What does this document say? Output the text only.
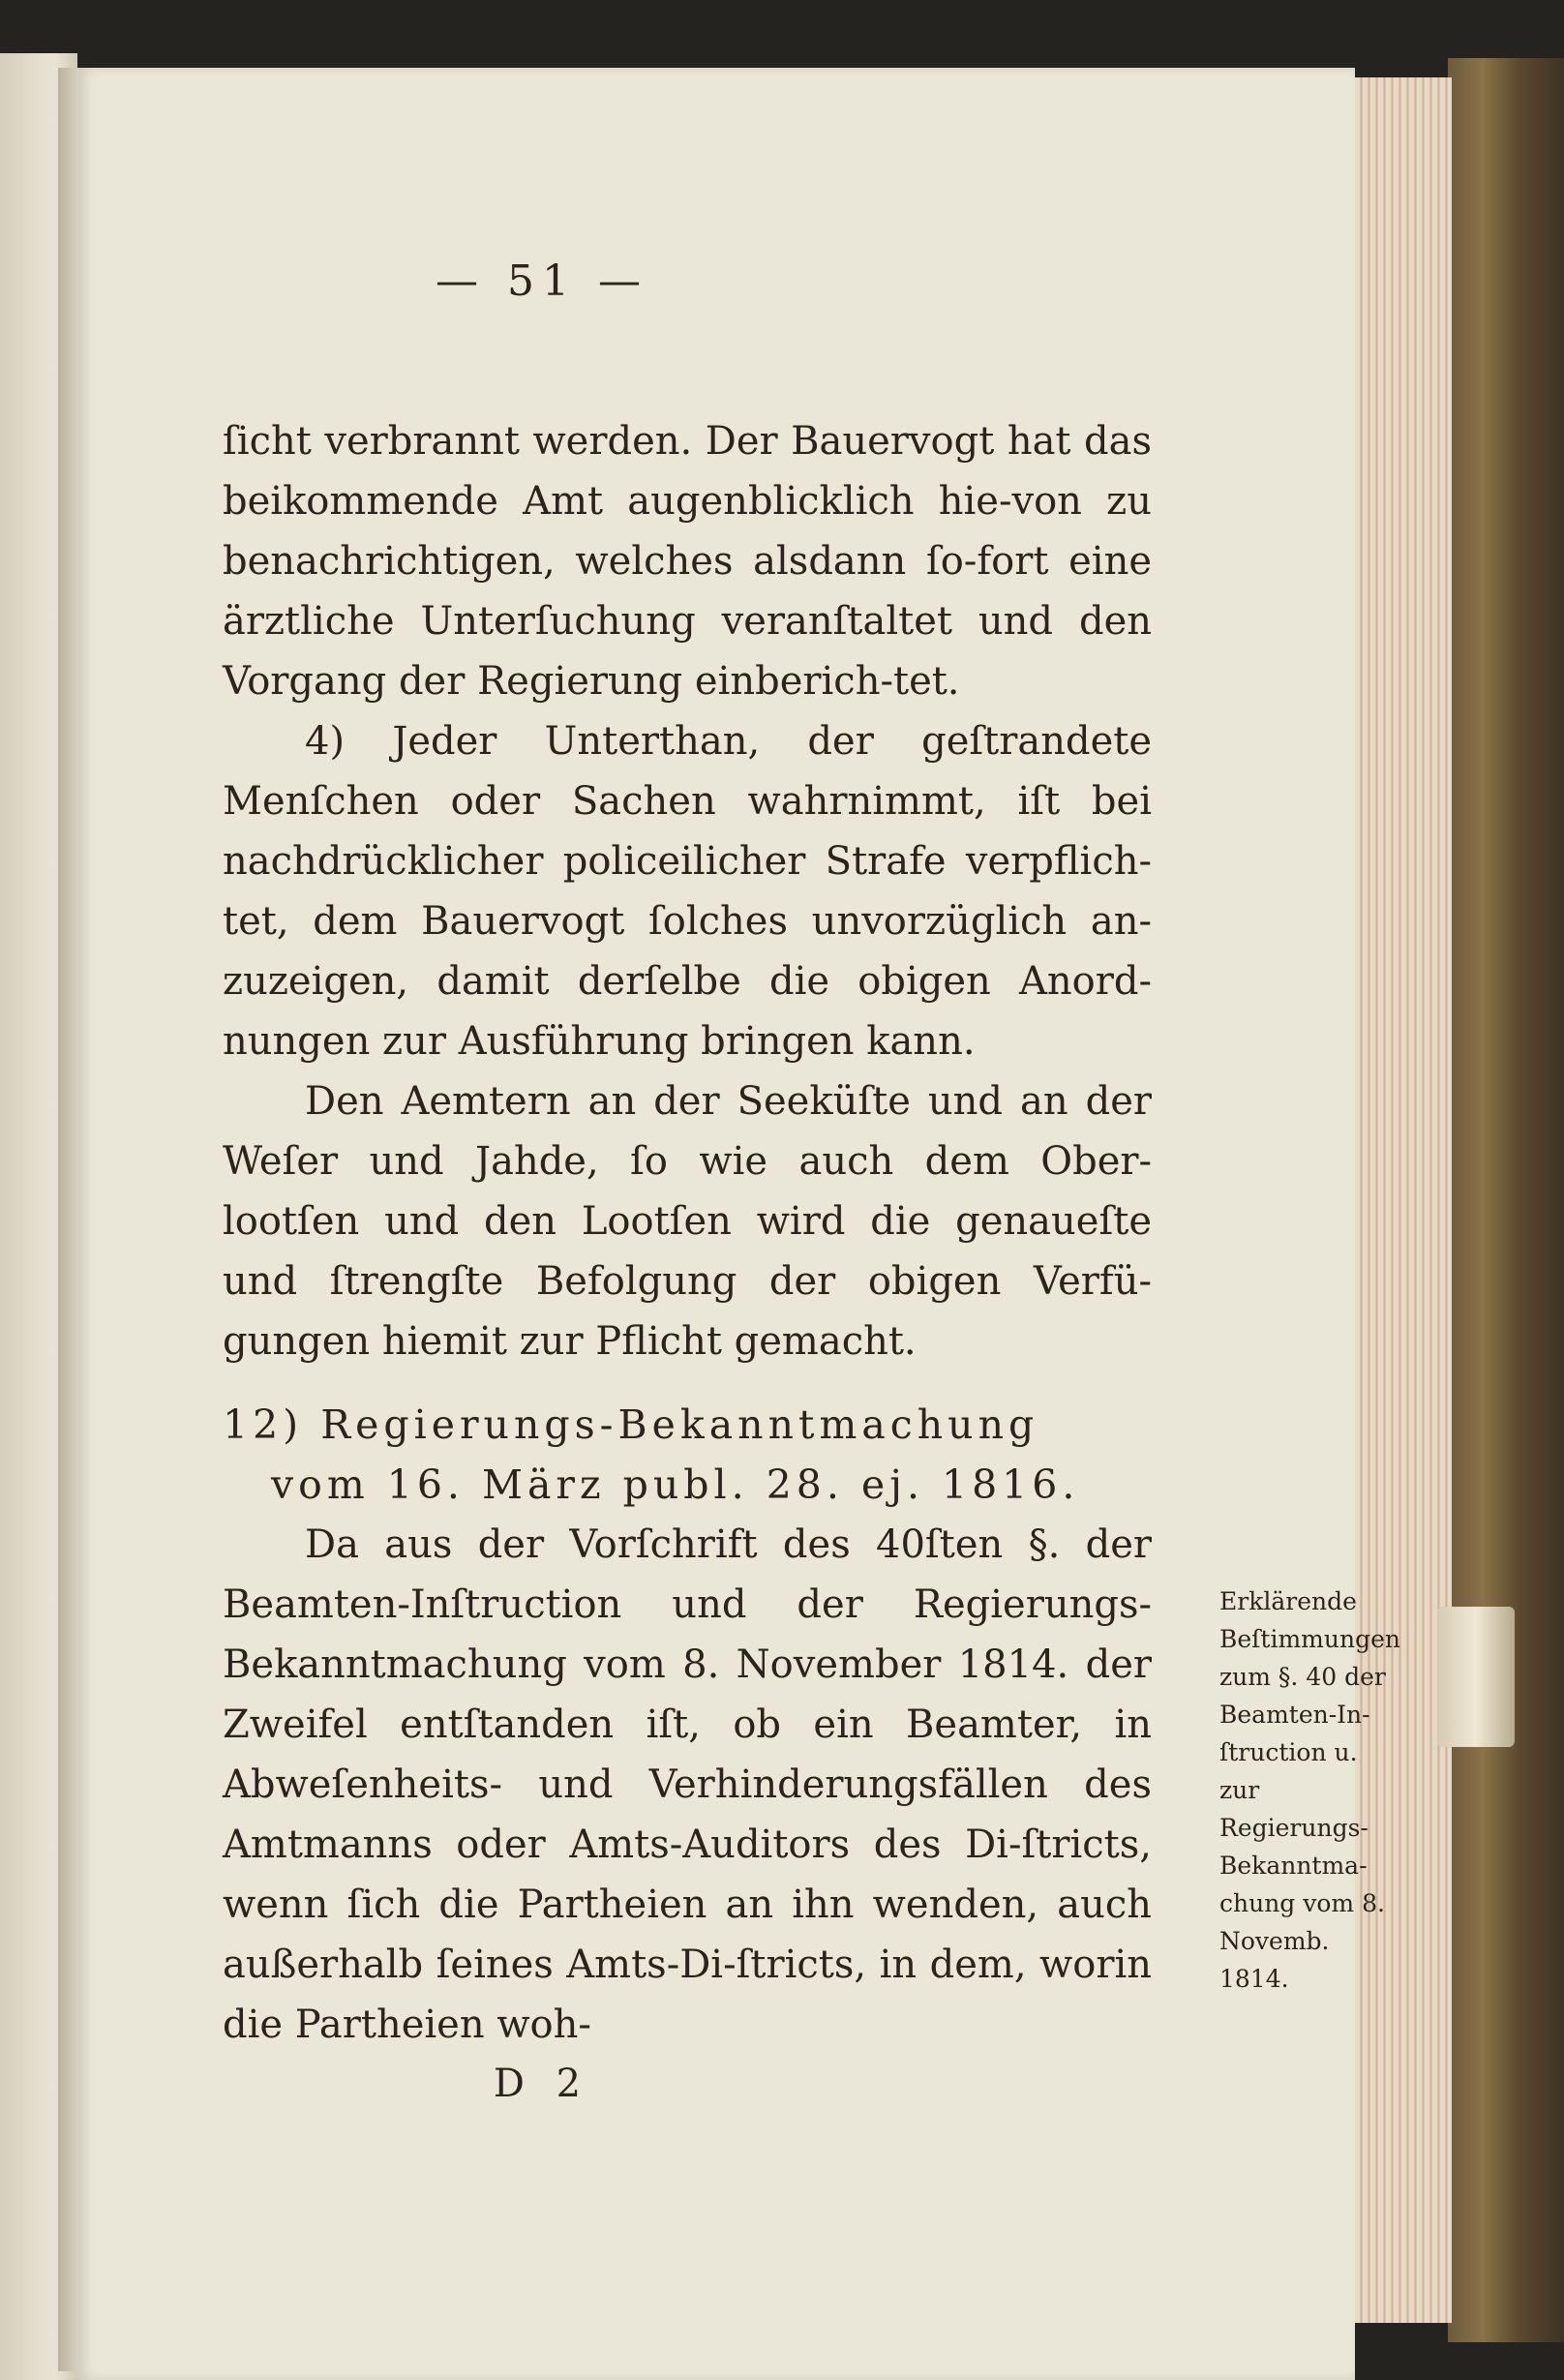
— 51 —

ſicht verbrannt werden. Der Bauervogt hat das beikommende Amt augenblicklich hie-von zu benachrichtigen, welches alsdann ſo-fort eine ärztliche Unterſuchung veranſtaltet und den Vorgang der Regierung einberich-tet.

4) Jeder Unterthan, der geſtrandete Menſchen oder Sachen wahrnimmt, iſt bei nachdrücklicher policeilicher Strafe verpflich-tet, dem Bauervogt ſolches unvorzüglich an-zuzeigen, damit derſelbe die obigen Anord-nungen zur Ausführung bringen kann.

Den Aemtern an der Seeküſte und an der Weſer und Jahde, ſo wie auch dem Ober-lootſen und den Lootſen wird die genaueſte und ſtrengſte Befolgung der obigen Verfü-gungen hiemit zur Pflicht gemacht.

12) Regierungs-Bekanntmachung
vom 16. März publ. 28. ej. 1816.

Da aus der Vorſchrift des 40ſten §. der Beamten-Inſtruction und der Regierungs-Bekanntmachung vom 8. November 1814. der Zweifel entſtanden iſt, ob ein Beamter, in Abweſenheits- und Verhinderungsfällen des Amtmanns oder Amts-Auditors des Di-ſtricts, wenn ſich die Partheien an ihn wenden, auch außerhalb ſeines Amts-Di-ſtricts, in dem, worin die Partheien woh-

Erklärende Beſtimmungen zum §. 40 der Beamten-In-ſtruction u. zur Regierungs-Bekanntma-chung vom 8. Novemb. 1814.
D 2
